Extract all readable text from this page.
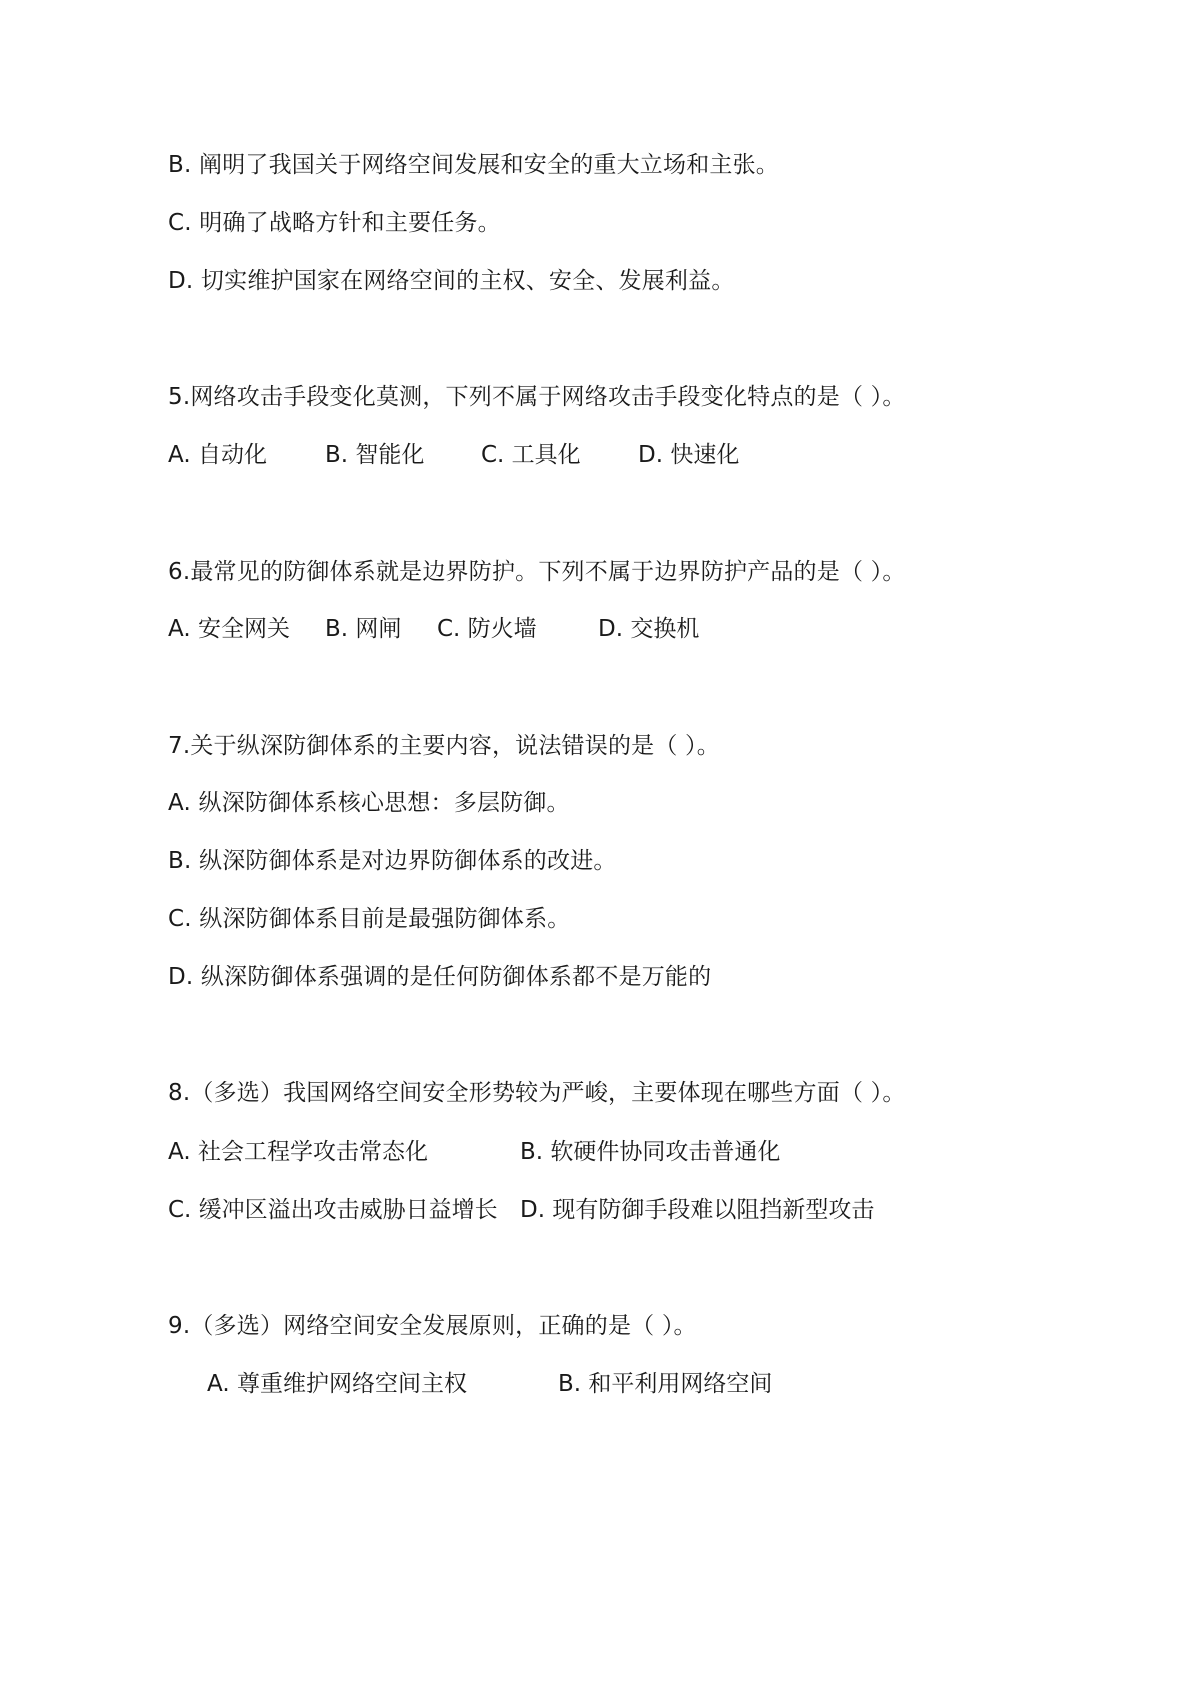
B. 阐明了我国关于网络空间发展和安全的重大立场和主张。
C. 明确了战略方针和主要任务。
D. 切实维护国家在网络空间的主权、安全、发展利益。
5.网络攻击手段变化莫测，下列不属于网络攻击手段变化特点的是（ ）。
A. 自动化	B. 智能化 C. 工具化 D. 快速化
6.最常见的防御体系就是边界防护。下列不属于边界防护产品的是（ ）。
A. 安全网关 B. 网闸 C. 防火墙	D. 交换机
7.关于纵深防御体系的主要内容，说法错误的是（ ）。
A. 纵深防御体系核心思想：多层防御。
B. 纵深防御体系是对边界防御体系的改进。
C. 纵深防御体系目前是最强防御体系。
D. 纵深防御体系强调的是任何防御体系都不是万能的
8.（多选）我国网络空间安全形势较为严峻，主要体现在哪些方面（ ）。
A. 社会工程学攻击常态化	B. 软硬件协同攻击普通化
C. 缓冲区溢出攻击威胁日益增长 D. 现有防御手段难以阻挡新型攻击
9.（多选）网络空间安全发展原则，正确的是（ ）。
A. 尊重维护网络空间主权	B. 和平利用网络空间
